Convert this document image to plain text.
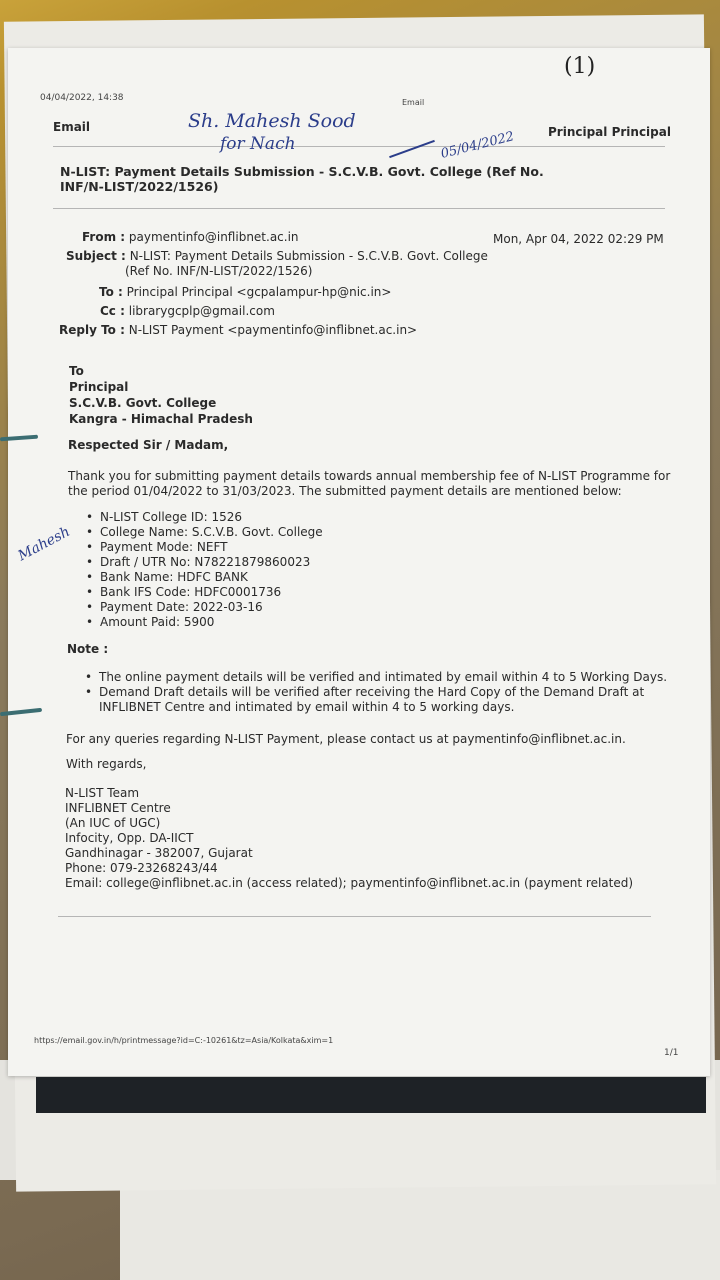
04/04/2022, 14:38	Email
(1)
Email	Principal Principal
N-LIST: Payment Details Submission - S.C.V.B. Govt. College (Ref No. INF/N-LIST/2022/1526)
Sh. Mahesh Sood
for Nach	05/04/2022
From : paymentinfo@inflibnet.ac.in	Mon, Apr 04, 2022 02:29 PM
Subject : N-LIST: Payment Details Submission - S.C.V.B. Govt. College
(Ref No. INF/N-LIST/2022/1526)
To : Principal Principal <gcpalampur-hp@nic.in>
Cc : librarygcplp@gmail.com
Reply To : N-LIST Payment <paymentinfo@inflibnet.ac.in>
To
Principal
S.C.V.B. Govt. College
Kangra - Himachal Pradesh
Respected Sir / Madam,
Thank you for submitting payment details towards annual membership fee of N-LIST Programme for
the period 01/04/2022 to 31/03/2023. The submitted payment details are mentioned below:
• N-LIST College ID: 1526
• College Name: S.C.V.B. Govt. College
• Payment Mode: NEFT
• Draft / UTR No: N78221879860023
• Bank Name: HDFC BANK
• Bank IFS Code: HDFC0001736
• Payment Date: 2022-03-16
• Amount Paid: 5900
Mahesh
Note :
• The online payment details will be verified and intimated by email within 4 to 5 Working Days.
• Demand Draft details will be verified after receiving the Hard Copy of the Demand Draft at
INFLIBNET Centre and intimated by email within 4 to 5 working days.
For any queries regarding N-LIST Payment, please contact us at paymentinfo@inflibnet.ac.in.
With regards,
N-LIST Team
INFLIBNET Centre
(An IUC of UGC)
Infocity, Opp. DA-IICT
Gandhinagar - 382007, Gujarat
Phone: 079-23268243/44
Email: college@inflibnet.ac.in (access related); paymentinfo@inflibnet.ac.in (payment related)
https://email.gov.in/h/printmessage?id=C:-10261&tz=Asia/Kolkata&xim=1
1/1
